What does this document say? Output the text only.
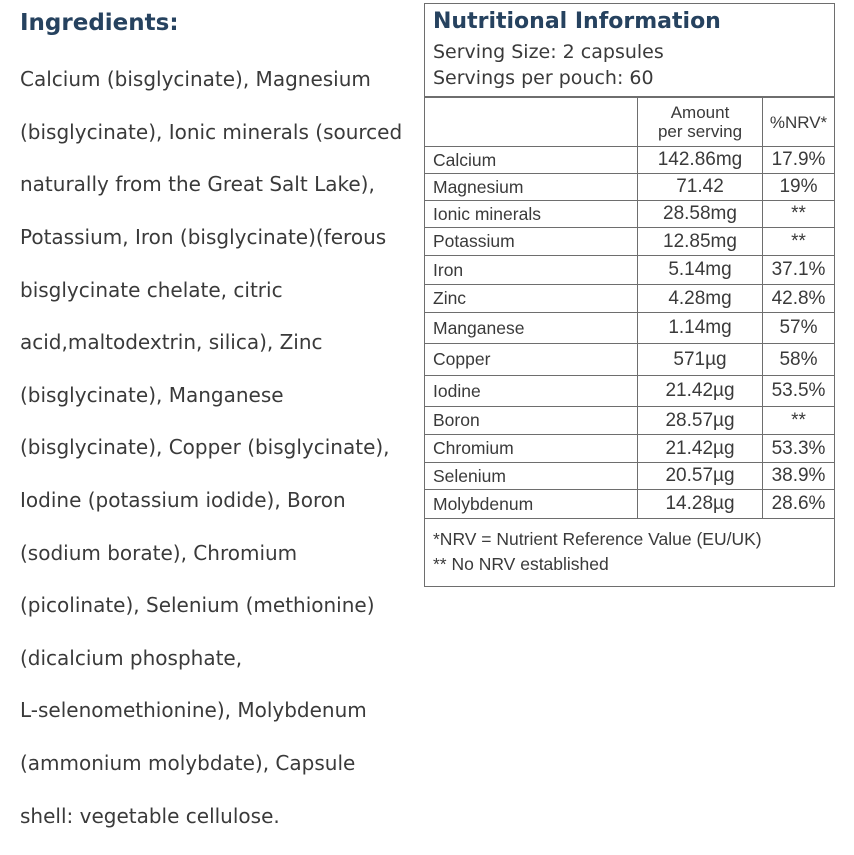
Ingredients:

Calcium (bisglycinate), Magnesium

(bisglycinate), Ionic minerals (sourced

naturally from the Great Salt Lake),

Potassium, Iron (bisglycinate)(ferous

bisglycinate chelate, citric

acid,maltodextrin, silica), Zinc

(bisglycinate), Manganese

(bisglycinate), Copper (bisglycinate),

Iodine (potassium iodide), Boron

(sodium borate), Chromium

(picolinate), Selenium (methionine)

(dicalcium phosphate,

L-selenomethionine), Molybdenum

(ammonium molybdate), Capsule

shell: vegetable cellulose.

Nutritional Information
Serving Size: 2 capsules
Servings per pouch: 60

	Amount
per serving	%NRV*
Calcium	142.86mg	17.9%
Magnesium	71.42	19%
Ionic minerals	28.58mg	**
Potassium	12.85mg	**
Iron	5.14mg	37.1%
Zinc	4.28mg	42.8%
Manganese	1.14mg	57%
Copper	571µg	58%
Iodine	21.42µg	53.5%
Boron	28.57µg	**
Chromium	21.42µg	53.3%
Selenium	20.57µg	38.9%
Molybdenum	14.28µg	28.6%
*NRV = Nutrient Reference Value (EU/UK)
** No NRV established
